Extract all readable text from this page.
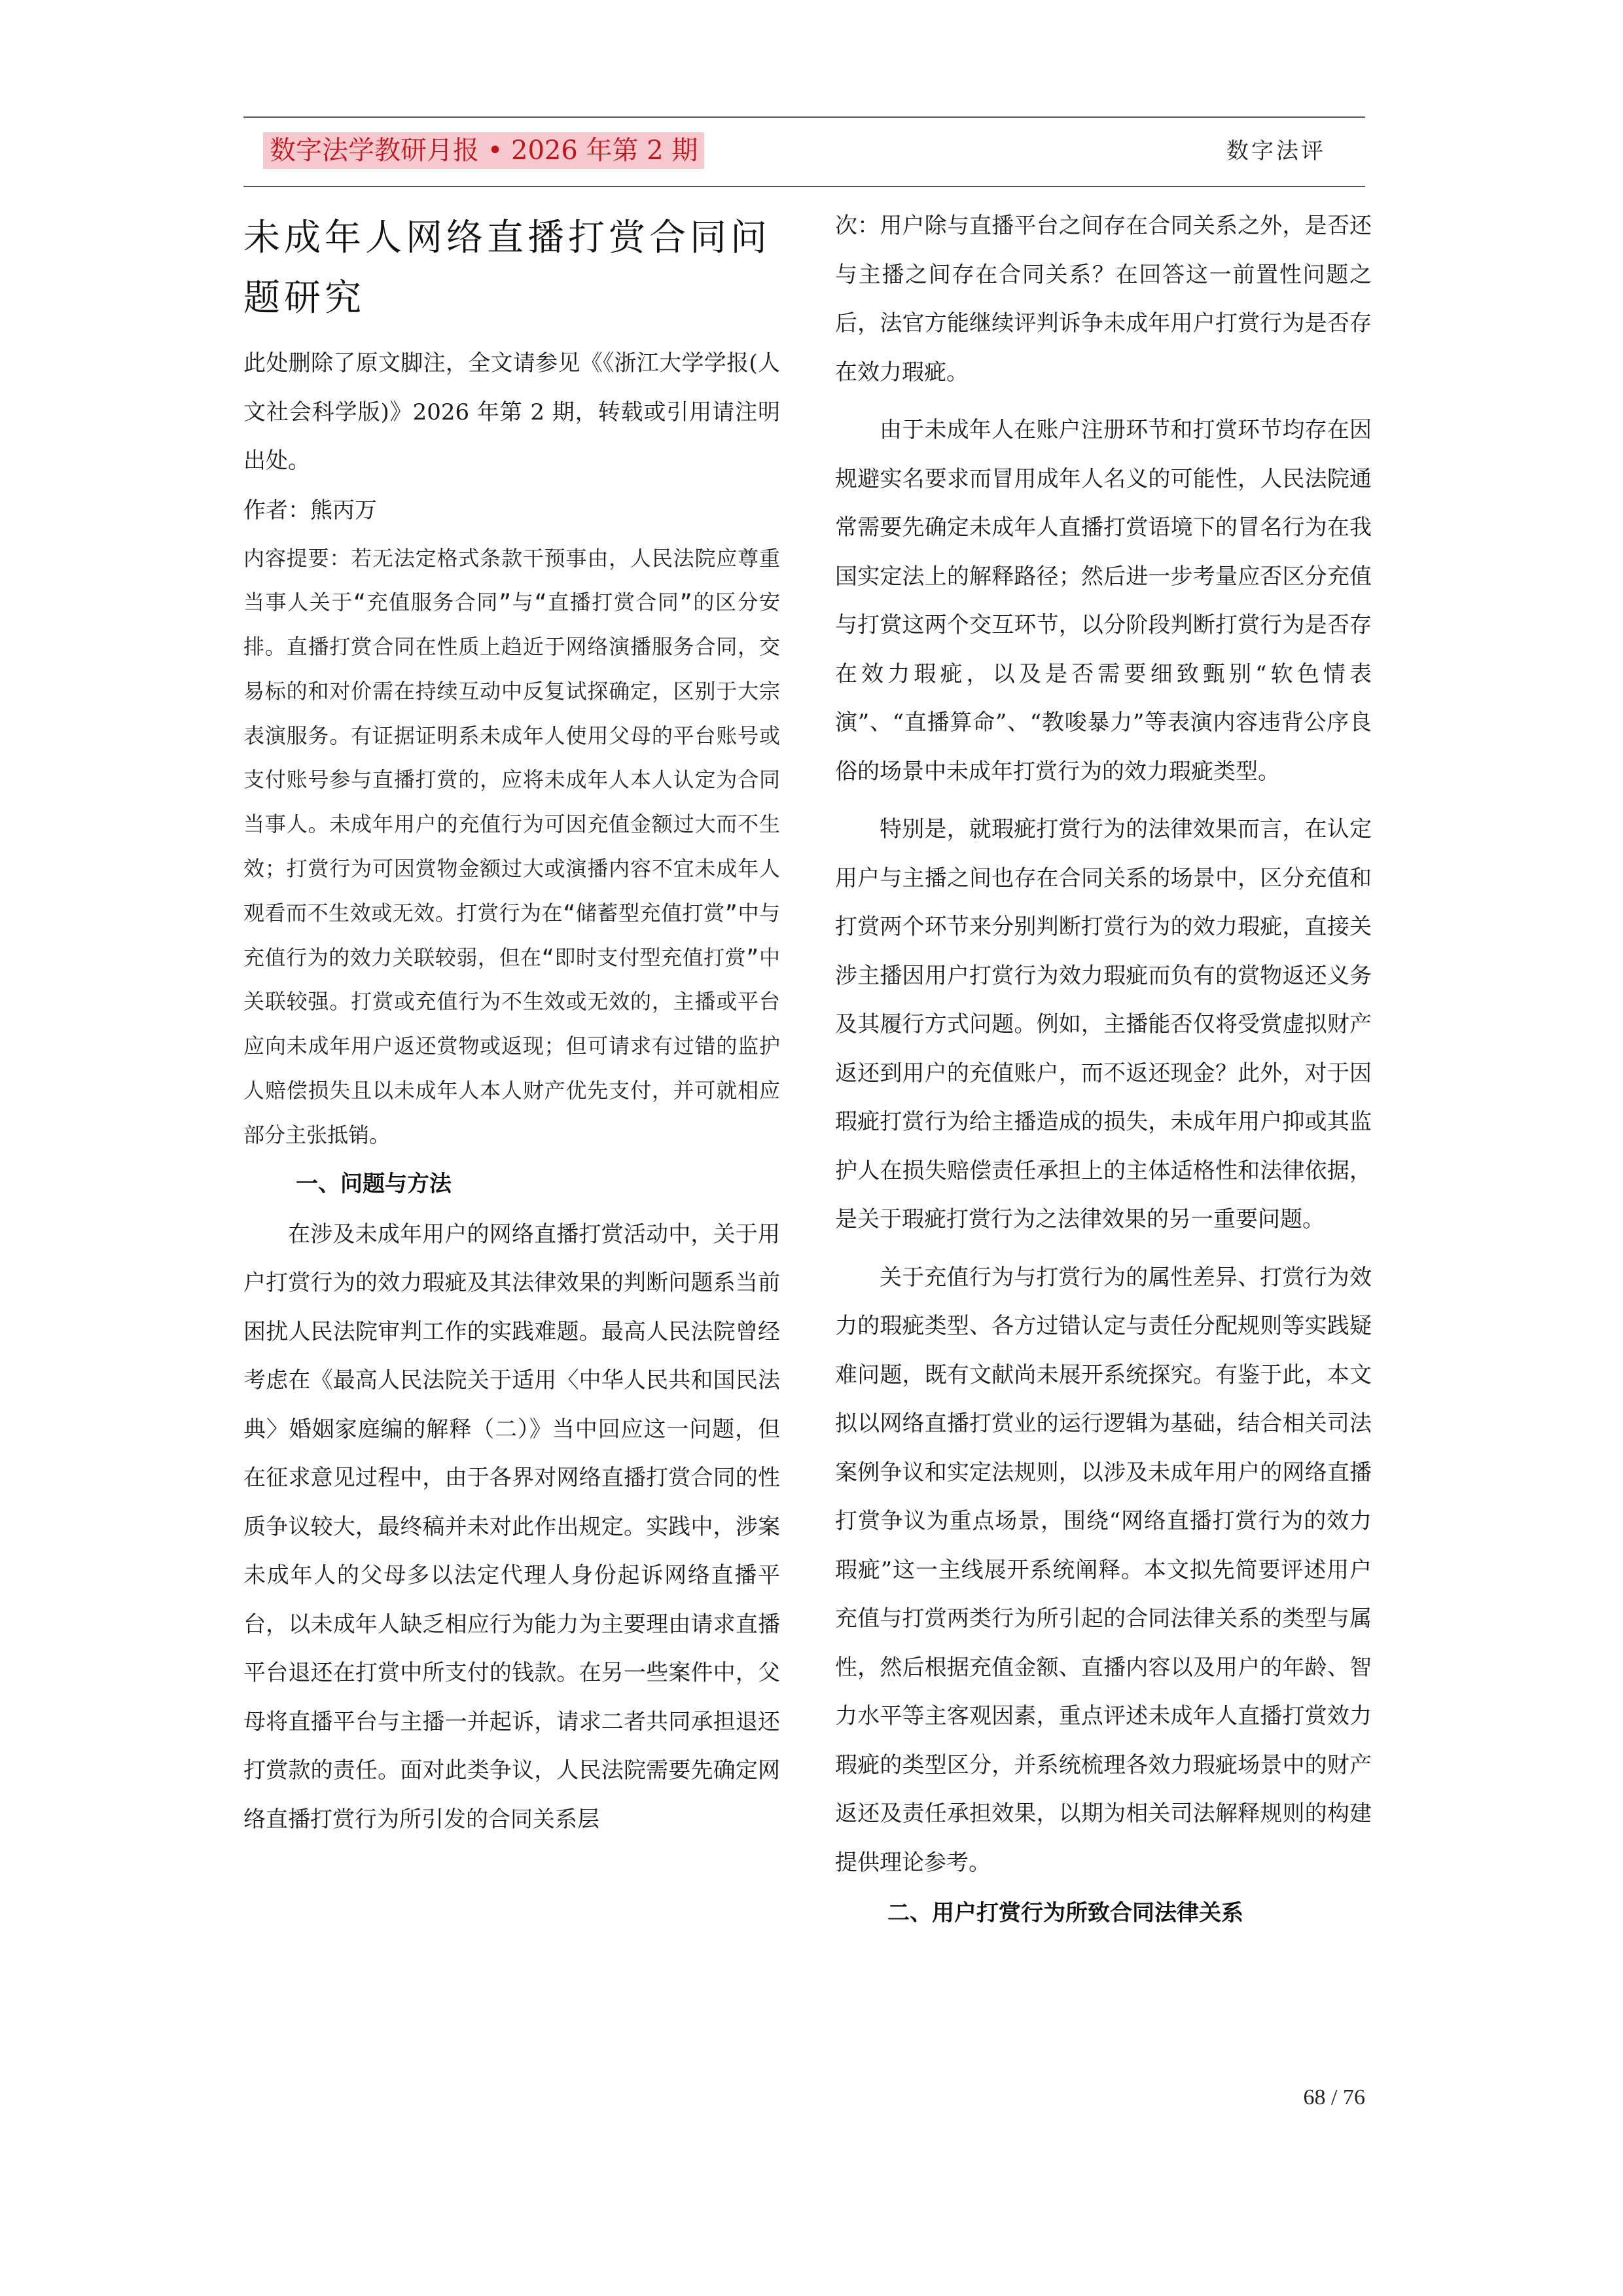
数字法学教研月报 • 2026 年第 2 期	数字法评
未成年人网络直播打赏合同问题研究

此处删除了原文脚注，全文请参见《《浙江大学学报(人文社会科学版)》2026 年第 2 期，转载或引用请注明出处。

作者：熊丙万

内容提要：若无法定格式条款干预事由，人民法院应尊重当事人关于“充值服务合同”与“直播打赏合同”的区分安排。直播打赏合同在性质上趋近于网络演播服务合同，交易标的和对价需在持续互动中反复试探确定，区别于大宗表演服务。有证据证明系未成年人使用父母的平台账号或支付账号参与直播打赏的，应将未成年人本人认定为合同当事人。未成年用户的充值行为可因充值金额过大而不生效；打赏行为可因赏物金额过大或演播内容不宜未成年人观看而不生效或无效。打赏行为在“储蓄型充值打赏”中与充值行为的效力关联较弱，但在“即时支付型充值打赏”中关联较强。打赏或充值行为不生效或无效的，主播或平台应向未成年用户返还赏物或返现；但可请求有过错的监护人赔偿损失且以未成年人本人财产优先支付，并可就相应部分主张抵销。

一、问题与方法

在涉及未成年用户的网络直播打赏活动中，关于用户打赏行为的效力瑕疵及其法律效果的判断问题系当前困扰人民法院审判工作的实践难题。最高人民法院曾经考虑在《最高人民法院关于适用〈中华人民共和国民法典〉婚姻家庭编的解释（二）》当中回应这一问题，但在征求意见过程中，由于各界对网络直播打赏合同的性质争议较大，最终稿并未对此作出规定。实践中，涉案未成年人的父母多以法定代理人身份起诉网络直播平台，以未成年人缺乏相应行为能力为主要理由请求直播平台退还在打赏中所支付的钱款。在另一些案件中，父母将直播平台与主播一并起诉，请求二者共同承担退还打赏款的责任。面对此类争议，人民法院需要先确定网络直播打赏行为所引发的合同关系层

次：用户除与直播平台之间存在合同关系之外，是否还与主播之间存在合同关系？在回答这一前置性问题之后，法官方能继续评判诉争未成年用户打赏行为是否存在效力瑕疵。

由于未成年人在账户注册环节和打赏环节均存在因规避实名要求而冒用成年人名义的可能性，人民法院通常需要先确定未成年人直播打赏语境下的冒名行为在我国实定法上的解释路径；然后进一步考量应否区分充值与打赏这两个交互环节，以分阶段判断打赏行为是否存在效力瑕疵，以及是否需要细致甄别“软色情表演”、“直播算命”、“教唆暴力”等表演内容违背公序良俗的场景中未成年打赏行为的效力瑕疵类型。

特别是，就瑕疵打赏行为的法律效果而言，在认定用户与主播之间也存在合同关系的场景中，区分充值和打赏两个环节来分别判断打赏行为的效力瑕疵，直接关涉主播因用户打赏行为效力瑕疵而负有的赏物返还义务及其履行方式问题。例如，主播能否仅将受赏虚拟财产返还到用户的充值账户，而不返还现金？此外，对于因瑕疵打赏行为给主播造成的损失，未成年用户抑或其监护人在损失赔偿责任承担上的主体适格性和法律依据，是关于瑕疵打赏行为之法律效果的另一重要问题。

关于充值行为与打赏行为的属性差异、打赏行为效力的瑕疵类型、各方过错认定与责任分配规则等实践疑难问题，既有文献尚未展开系统探究。有鉴于此，本文拟以网络直播打赏业的运行逻辑为基础，结合相关司法案例争议和实定法规则，以涉及未成年用户的网络直播打赏争议为重点场景，围绕“网络直播打赏行为的效力瑕疵”这一主线展开系统阐释。本文拟先简要评述用户充值与打赏两类行为所引起的合同法律关系的类型与属性，然后根据充值金额、直播内容以及用户的年龄、智力水平等主客观因素，重点评述未成年人直播打赏效力瑕疵的类型区分，并系统梳理各效力瑕疵场景中的财产返还及责任承担效果，以期为相关司法解释规则的构建提供理论参考。

二、用户打赏行为所致合同法律关系
68 / 76
